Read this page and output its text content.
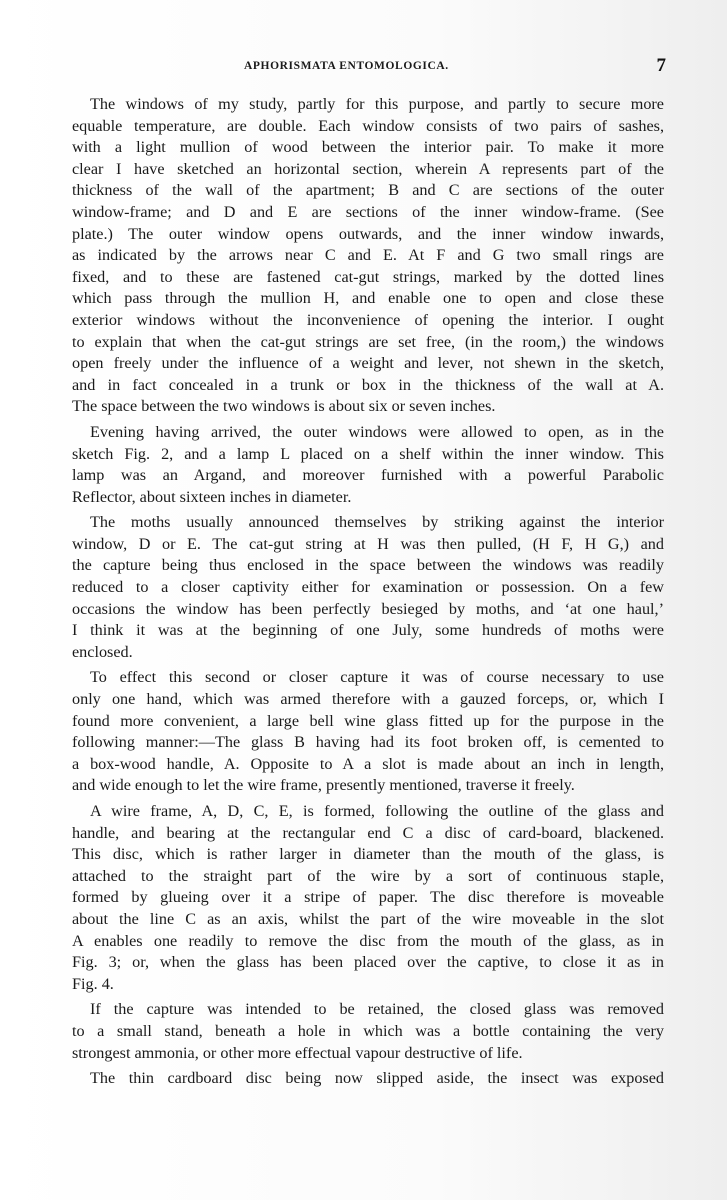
APHORISMATA ENTOMOLOGICA.	7
The windows of my study, partly for this purpose, and partly to secure more
equable temperature, are double. Each window consists of two pairs of sashes,
with a light mullion of wood between the interior pair. To make it more
clear I have sketched an horizontal section, wherein A represents part of the
thickness of the wall of the apartment; B and C are sections of the outer
window-frame; and D and E are sections of the inner window-frame. (See
plate.) The outer window opens outwards, and the inner window inwards,
as indicated by the arrows near C and E. At F and G two small rings are
fixed, and to these are fastened cat-gut strings, marked by the dotted lines
which pass through the mullion H, and enable one to open and close these
exterior windows without the inconvenience of opening the interior. I ought
to explain that when the cat-gut strings are set free, (in the room,) the windows
open freely under the influence of a weight and lever, not shewn in the sketch,
and in fact concealed in a trunk or box in the thickness of the wall at A.
The space between the two windows is about six or seven inches.
Evening having arrived, the outer windows were allowed to open, as in the
sketch Fig. 2, and a lamp L placed on a shelf within the inner window. This
lamp was an Argand, and moreover furnished with a powerful Parabolic
Reflector, about sixteen inches in diameter.
The moths usually announced themselves by striking against the interior
window, D or E. The cat-gut string at H was then pulled, (H F, H G,) and
the capture being thus enclosed in the space between the windows was readily
reduced to a closer captivity either for examination or possession. On a few
occasions the window has been perfectly besieged by moths, and ‘at one haul,’
I think it was at the beginning of one July, some hundreds of moths were
enclosed.
To effect this second or closer capture it was of course necessary to use
only one hand, which was armed therefore with a gauzed forceps, or, which I
found more convenient, a large bell wine glass fitted up for the purpose in the
following manner:—The glass B having had its foot broken off, is cemented to
a box-wood handle, A. Opposite to A a slot is made about an inch in length,
and wide enough to let the wire frame, presently mentioned, traverse it freely.
A wire frame, A, D, C, E, is formed, following the outline of the glass and
handle, and bearing at the rectangular end C a disc of card-board, blackened.
This disc, which is rather larger in diameter than the mouth of the glass, is
attached to the straight part of the wire by a sort of continuous staple,
formed by glueing over it a stripe of paper. The disc therefore is moveable
about the line C as an axis, whilst the part of the wire moveable in the slot
A enables one readily to remove the disc from the mouth of the glass, as in
Fig. 3; or, when the glass has been placed over the captive, to close it as in
Fig. 4.
If the capture was intended to be retained, the closed glass was removed
to a small stand, beneath a hole in which was a bottle containing the very
strongest ammonia, or other more effectual vapour destructive of life.
The thin cardboard disc being now slipped aside, the insect was exposed
